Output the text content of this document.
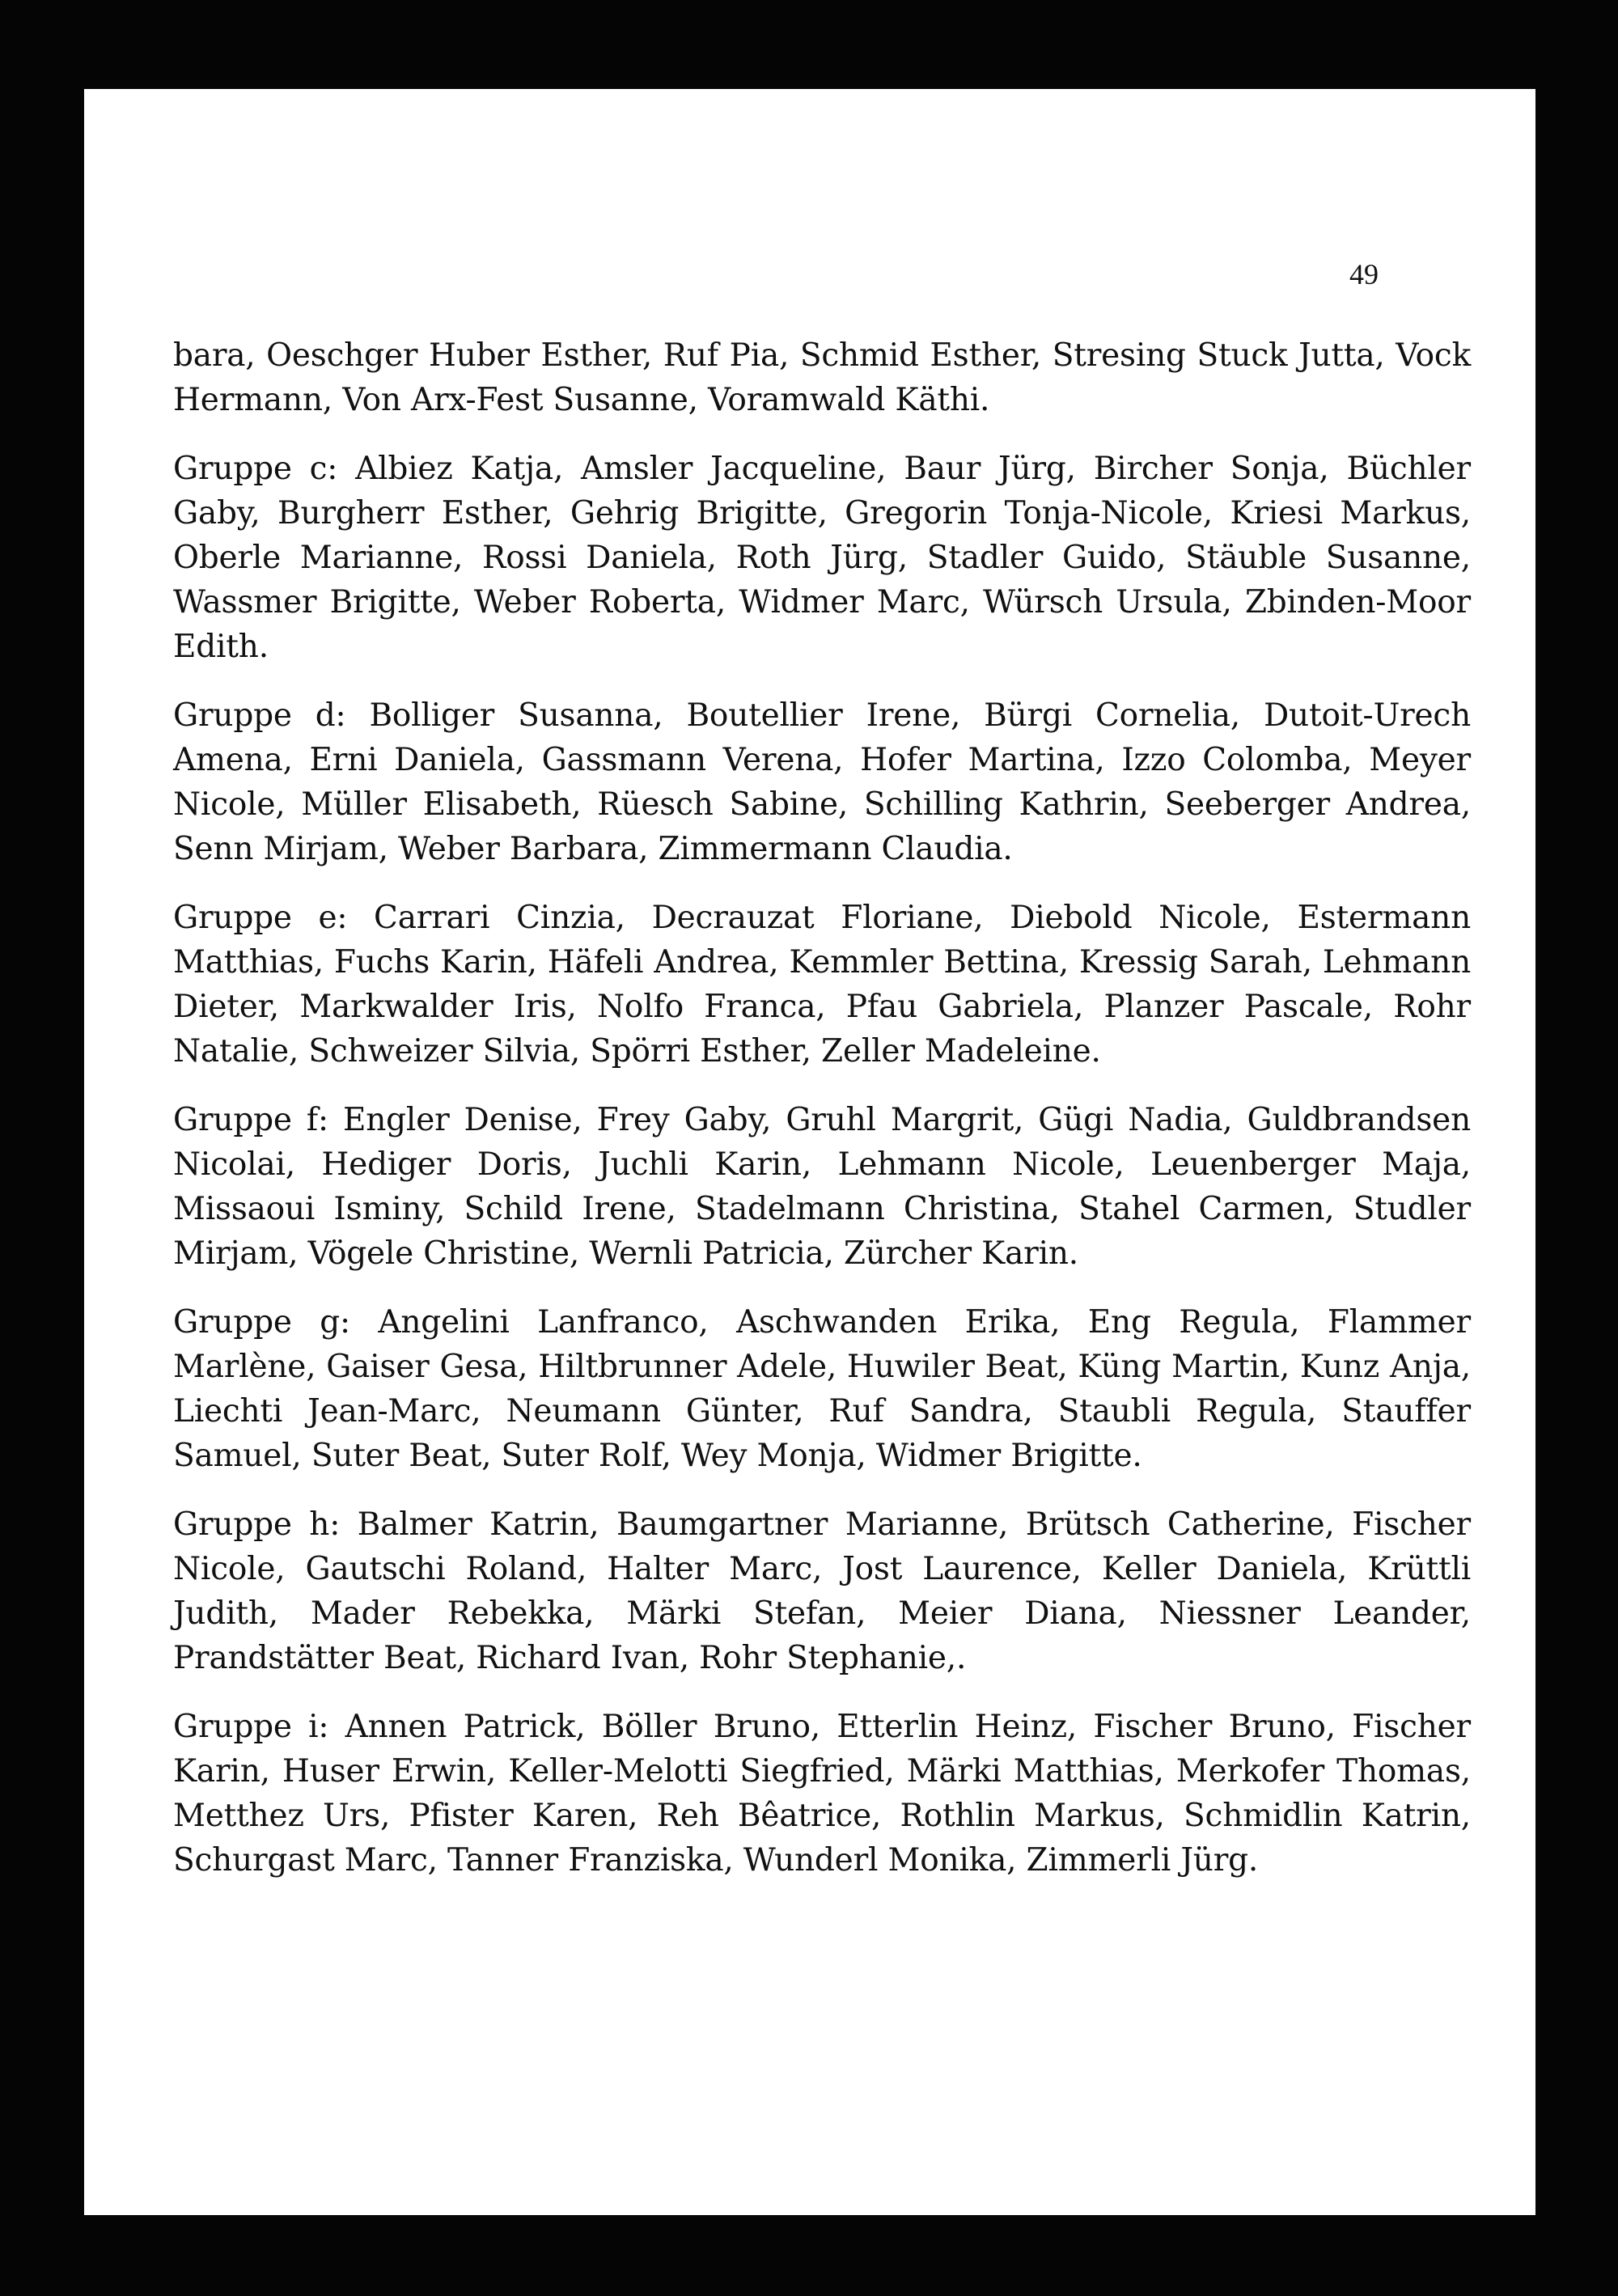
49

bara, Oeschger Huber Esther, Ruf Pia, Schmid Esther, Stresing Stuck Jutta, Vock Hermann, Von Arx-Fest Susanne, Voramwald Käthi.

Gruppe c: Albiez Katja, Amsler Jacqueline, Baur Jürg, Bircher Sonja, Büchler Gaby, Burgherr Esther, Gehrig Brigitte, Gregorin Tonja-Nicole, Kriesi Markus, Oberle Marianne, Rossi Daniela, Roth Jürg, Stadler Guido, Stäuble Susanne, Wassmer Brigitte, Weber Roberta, Widmer Marc, Würsch Ursula, Zbinden-Moor Edith.

Gruppe d: Bolliger Susanna, Boutellier Irene, Bürgi Cornelia, Dutoit-Urech Amena, Erni Daniela, Gassmann Verena, Hofer Martina, Izzo Colomba, Meyer Nicole, Müller Elisabeth, Rüesch Sabine, Schilling Kathrin, Seeberger Andrea, Senn Mirjam, Weber Barbara, Zimmermann Claudia.

Gruppe e: Carrari Cinzia, Decrauzat Floriane, Diebold Nicole, Estermann Matthias, Fuchs Karin, Häfeli Andrea, Kemmler Bettina, Kressig Sarah, Lehmann Dieter, Markwalder Iris, Nolfo Franca, Pfau Gabriela, Planzer Pascale, Rohr Natalie, Schweizer Silvia, Spörri Esther, Zeller Madeleine.

Gruppe f: Engler Denise, Frey Gaby, Gruhl Margrit, Gügi Nadia, Guldbrandsen Nicolai, Hediger Doris, Juchli Karin, Lehmann Nicole, Leuenberger Maja, Missaoui Isminy, Schild Irene, Stadelmann Christina, Stahel Carmen, Studler Mirjam, Vögele Christine, Wernli Patricia, Zürcher Karin.

Gruppe g: Angelini Lanfranco, Aschwanden Erika, Eng Regula, Flammer Marlène, Gaiser Gesa, Hiltbrunner Adele, Huwiler Beat, Küng Martin, Kunz Anja, Liechti Jean-Marc, Neumann Günter, Ruf Sandra, Staubli Regula, Stauffer Samuel, Suter Beat, Suter Rolf, Wey Monja, Widmer Brigitte.

Gruppe h: Balmer Katrin, Baumgartner Marianne, Brütsch Catherine, Fischer Nicole, Gautschi Roland, Halter Marc, Jost Laurence, Keller Daniela, Krüttli Judith, Mader Rebekka, Märki Stefan, Meier Diana, Niessner Leander, Prandstätter Beat, Richard Ivan, Rohr Stephanie,.

Gruppe i: Annen Patrick, Böller Bruno, Etterlin Heinz, Fischer Bruno, Fischer Karin, Huser Erwin, Keller-Melotti Siegfried, Märki Matthias, Merkofer Thomas, Metthez Urs, Pfister Karen, Reh Bêatrice, Rothlin Markus, Schmidlin Katrin, Schurgast Marc, Tanner Franziska, Wunderl Monika, Zimmerli Jürg.
